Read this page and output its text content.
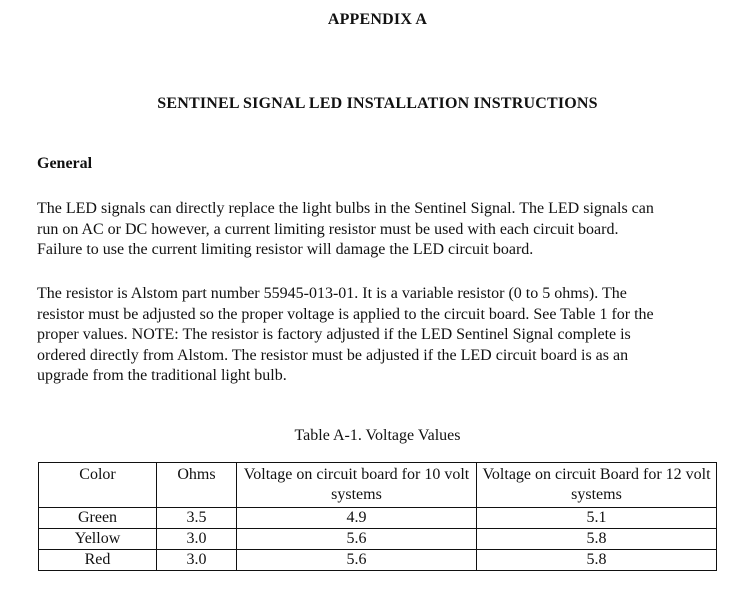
APPENDIX A
SENTINEL SIGNAL LED INSTALLATION INSTRUCTIONS
General

The LED signals can directly replace the light bulbs in the Sentinel Signal. The LED signals can
run on AC or DC however, a current limiting resistor must be used with each circuit board.
Failure to use the current limiting resistor will damage the LED circuit board.

The resistor is Alstom part number 55945-013-01. It is a variable resistor (0 to 5 ohms). The
resistor must be adjusted so the proper voltage is applied to the circuit board. See Table 1 for the
proper values. NOTE: The resistor is factory adjusted if the LED Sentinel Signal complete is
ordered directly from Alstom. The resistor must be adjusted if the LED circuit board is as an
upgrade from the traditional light bulb.

Table A-1. Voltage Values
Color	Ohms	Voltage on circuit board for 10 volt systems	Voltage on circuit Board for 12 volt systems
Green	3.5	4.9	5.1
Yellow	3.0	5.6	5.8
Red	3.0	5.6	5.8
